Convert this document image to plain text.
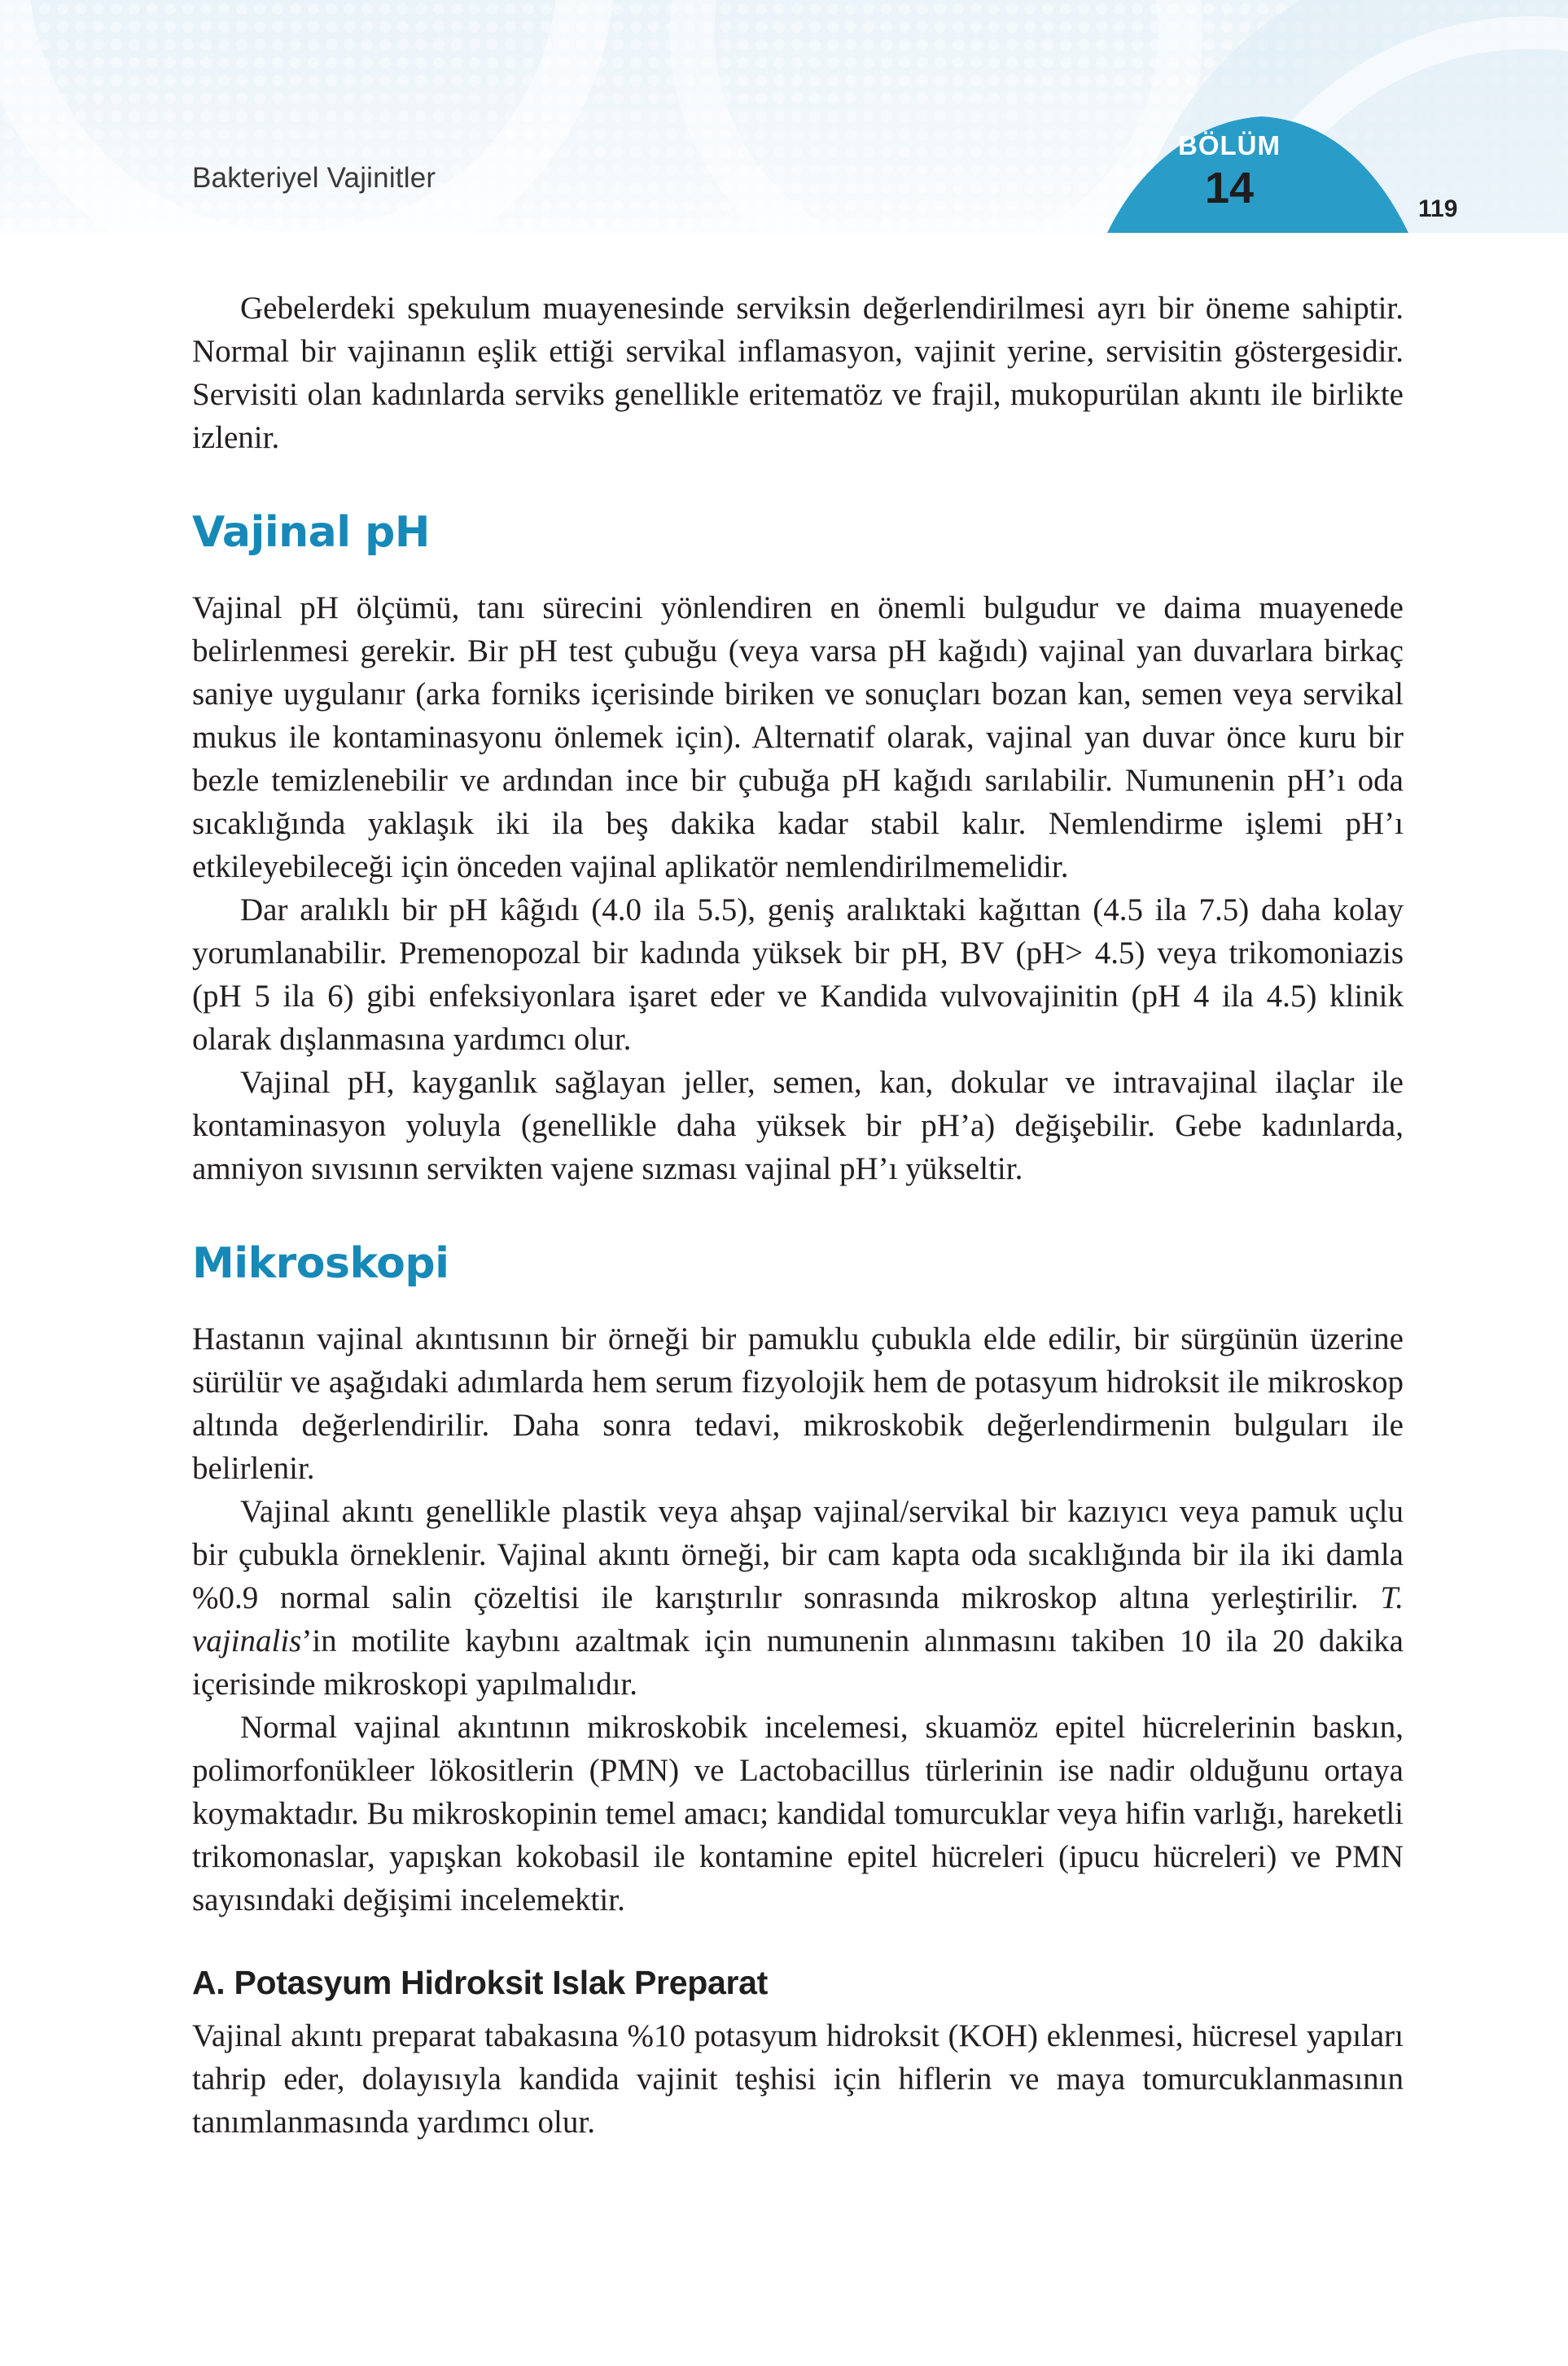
Bakteriyel Vajinitler
BÖLÜM
14	119

Gebelerdeki spekulum muayenesinde serviksin değerlendirilmesi ayrı bir öneme sahiptir. Normal bir vajinanın eşlik ettiği servikal inflamasyon, vajinit yerine, servisitin göstergesidir. Servisiti olan kadınlarda serviks genellikle eritematöz ve frajil, mukopurülan akıntı ile birlikte izlenir.

Vajinal pH

Vajinal pH ölçümü, tanı sürecini yönlendiren en önemli bulgudur ve daima muayenede belirlenmesi gerekir. Bir pH test çubuğu (veya varsa pH kağıdı) vajinal yan duvarlara birkaç saniye uygulanır (arka forniks içerisinde biriken ve sonuçları bozan kan, semen veya servikal mukus ile kontaminasyonu önlemek için). Alternatif olarak, vajinal yan duvar önce kuru bir bezle temizlenebilir ve ardından ince bir çubuğa pH kağıdı sarılabilir. Numunenin pH’ı oda sıcaklığında yaklaşık iki ila beş dakika kadar stabil kalır. Nemlendirme işlemi pH’ı etkileyebileceği için önceden vajinal aplikatör nemlendirilmemelidir.

Dar aralıklı bir pH kâğıdı (4.0 ila 5.5), geniş aralıktaki kağıttan (4.5 ila 7.5) daha kolay yorumlanabilir. Premenopozal bir kadında yüksek bir pH, BV (pH> 4.5) veya trikomoniazis (pH 5 ila 6) gibi enfeksiyonlara işaret eder ve Kandida vulvovajinitin (pH 4 ila 4.5) klinik olarak dışlanmasına yardımcı olur.

Vajinal pH, kayganlık sağlayan jeller, semen, kan, dokular ve intravajinal ilaçlar ile kontaminasyon yoluyla (genellikle daha yüksek bir pH’a) değişebilir. Gebe kadınlarda, amniyon sıvısının servikten vajene sızması vajinal pH’ı yükseltir.

Mikroskopi

Hastanın vajinal akıntısının bir örneği bir pamuklu çubukla elde edilir, bir sürgünün üzerine sürülür ve aşağıdaki adımlarda hem serum fizyolojik hem de potasyum hidroksit ile mikroskop altında değerlendirilir. Daha sonra tedavi, mikroskobik değerlendirmenin bulguları ile belirlenir.

Vajinal akıntı genellikle plastik veya ahşap vajinal/servikal bir kazıyıcı veya pamuk uçlu bir çubukla örneklenir. Vajinal akıntı örneği, bir cam kapta oda sıcaklığında bir ila iki damla %0.9 normal salin çözeltisi ile karıştırılır sonrasında mikroskop altına yerleştirilir. T. vajinalis’in motilite kaybını azaltmak için numunenin alınmasını takiben 10 ila 20 dakika içerisinde mikroskopi yapılmalıdır.

Normal vajinal akıntının mikroskobik incelemesi, skuamöz epitel hücrelerinin baskın, polimorfonükleer lökositlerin (PMN) ve Lactobacillus türlerinin ise nadir olduğunu ortaya koymaktadır. Bu mikroskopinin temel amacı; kandidal tomurcuklar veya hifin varlığı, hareketli trikomonaslar, yapışkan kokobasil ile kontamine epitel hücreleri (ipucu hücreleri) ve PMN sayısındaki değişimi incelemektir.

A. Potasyum Hidroksit Islak Preparat

Vajinal akıntı preparat tabakasına %10 potasyum hidroksit (KOH) eklenmesi, hücresel yapıları tahrip eder, dolayısıyla kandida vajinit teşhisi için hiflerin ve maya tomurcuklanmasının tanımlanmasında yardımcı olur.
